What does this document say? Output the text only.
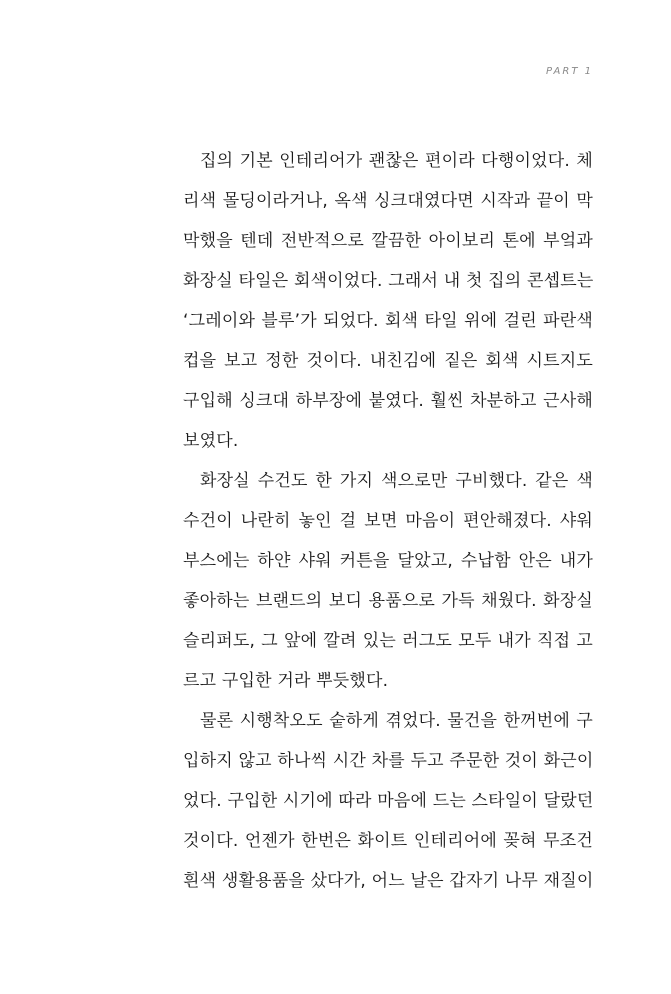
PART 1
집의 기본 인테리어가 괜찮은 편이라 다행이었다. 체
리색 몰딩이라거나, 옥색 싱크대였다면 시작과 끝이 막
막했을 텐데 전반적으로 깔끔한 아이보리 톤에 부엌과
화장실 타일은 회색이었다. 그래서 내 첫 집의 콘셉트는
‘그레이와 블루’가 되었다. 회색 타일 위에 걸린 파란색
컵을 보고 정한 것이다. 내친김에 짙은 회색 시트지도
구입해 싱크대 하부장에 붙였다. 훨씬 차분하고 근사해
보였다.
화장실 수건도 한 가지 색으로만 구비했다. 같은 색
수건이 나란히 놓인 걸 보면 마음이 편안해졌다. 샤워
부스에는 하얀 샤워 커튼을 달았고, 수납함 안은 내가
좋아하는 브랜드의 보디 용품으로 가득 채웠다. 화장실
슬리퍼도, 그 앞에 깔려 있는 러그도 모두 내가 직접 고
르고 구입한 거라 뿌듯했다.
물론 시행착오도 숱하게 겪었다. 물건을 한꺼번에 구
입하지 않고 하나씩 시간 차를 두고 주문한 것이 화근이
었다. 구입한 시기에 따라 마음에 드는 스타일이 달랐던
것이다. 언젠가 한번은 화이트 인테리어에 꽂혀 무조건
흰색 생활용품을 샀다가, 어느 날은 갑자기 나무 재질이
